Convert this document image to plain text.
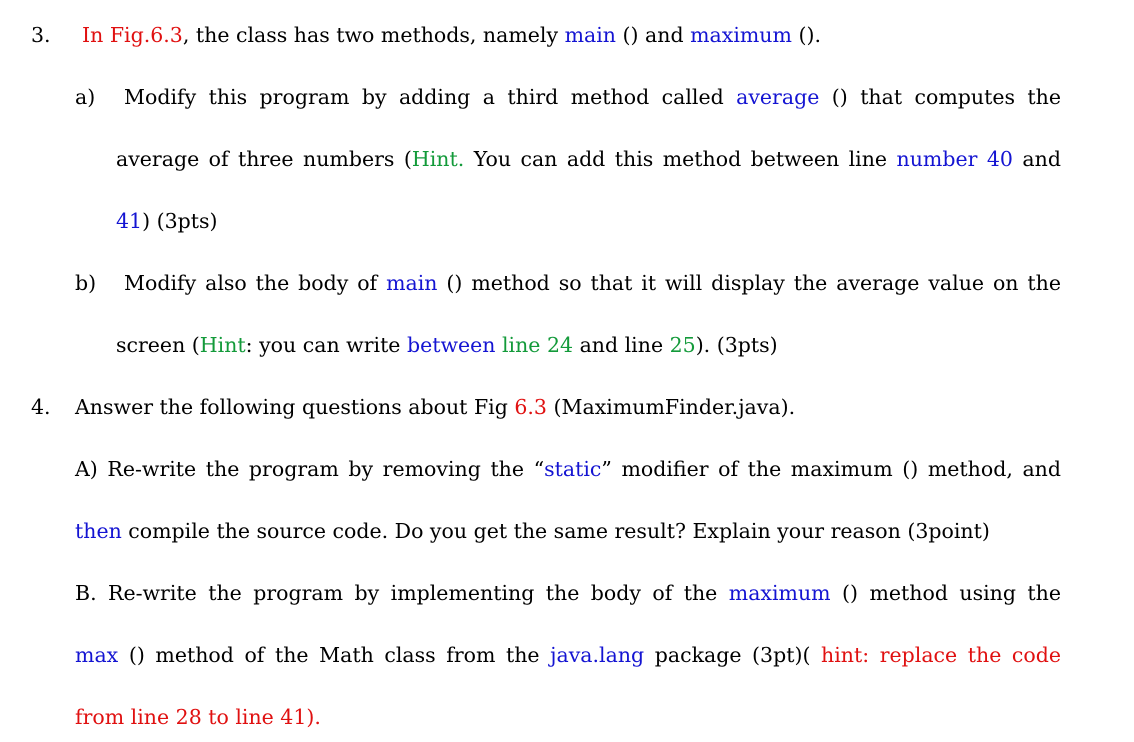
3. In Fig.6.3, the class has two methods, namely main () and maximum ().
a) Modify this program by adding a third method called average () that computes the
average of three numbers (Hint. You can add this method between line number 40 and
41) (3pts)
b) Modify also the body of main () method so that it will display the average value on the
screen (Hint: you can write between line 24 and line 25). (3pts)
4. Answer the following questions about Fig 6.3 (MaximumFinder.java).
A) Re-write the program by removing the “static” modifier of the maximum () method, and
then compile the source code. Do you get the same result? Explain your reason (3point)
B. Re-write the program by implementing the body of the maximum () method using the
max () method of the Math class from the java.lang package (3pt)( hint: replace the code
from line 28 to line 41).
